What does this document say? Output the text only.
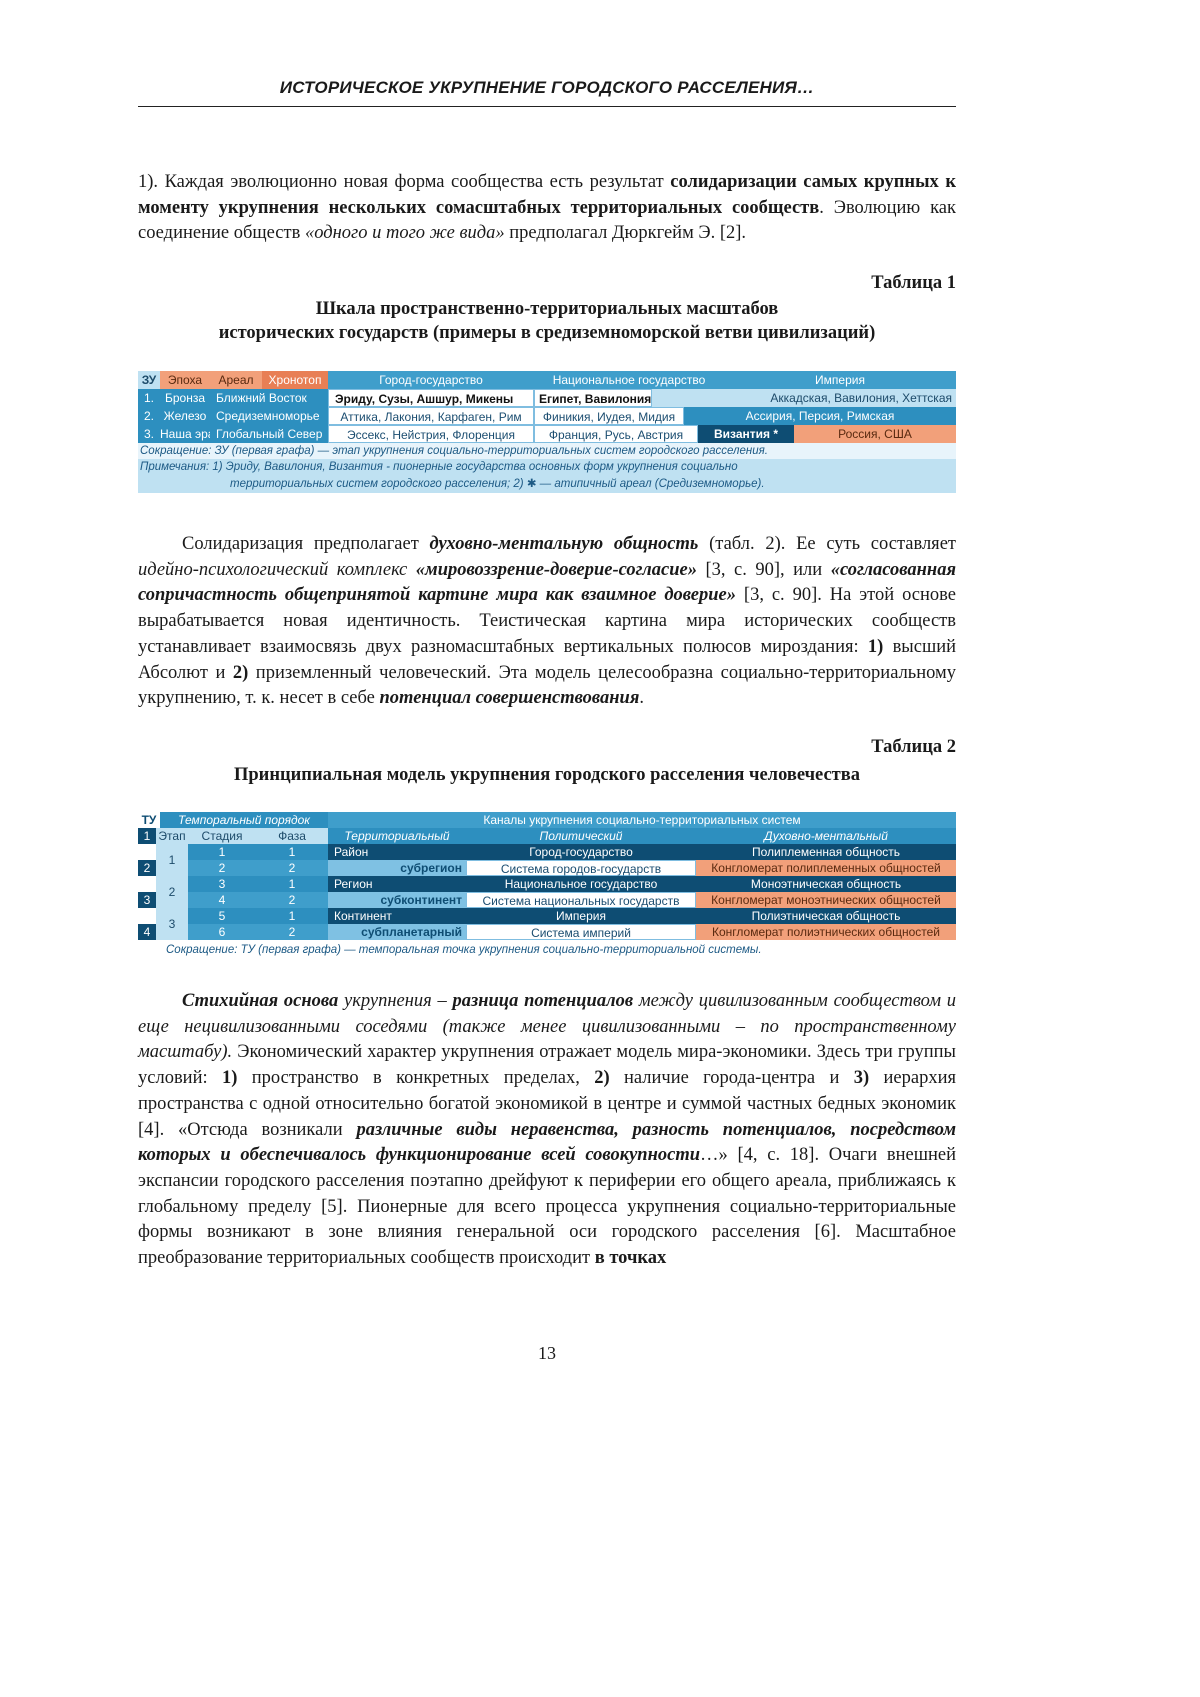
ИСТОРИЧЕСКОЕ УКРУПНЕНИЕ ГОРОДСКОГО РАССЕЛЕНИЯ…

1). Каждая эволюционно новая форма сообщества есть результат солидаризации самых крупных к моменту укрупнения нескольких сомасштабных территориальных сообществ. Эволюцию как соединение обществ «одного и того же вида» предполагал Дюркгейм Э. [2].

Таблица 1
Шкала пространственно-территориальных масштабов
исторических государств (примеры в средиземноморской ветви цивилизаций)
ЗУ Эпоха	Ареал	Хронотоп	Город-государство	Национальное государство	Империя
1. Бронза Ближний Восток	Эриду, Сузы, Ашшур, Микены	Египет, Вавилония, Ассирия	Аккадская, Вавилония, Хеттская
2. Железо Средиземноморье	Аттика, Лакония, Карфаген, Рим	Финикия, Иудея, Мидия	Ассирия, Персия, Римская
3. Наша эра Глобальный Север	Эссекс, Нейстрия, Флоренция	Франция, Русь, Австрия	Византия *	Россия, США
Сокращение: ЗУ (первая графа) — этап укрупнения социально-территориальных систем городского расселения.
Примечания: 1) Эриду, Вавилония, Византия - пионерные государства основных форм укрупнения социально
территориальных систем городского расселения; 2) ✱ — атипичный ареал (Средиземноморье).

Солидаризация предполагает духовно-ментальную общность (табл. 2). Ее суть составляет идейно-психологический комплекс «мировоззрение-доверие-согласие» [3, с. 90], или «согласованная сопричастность общепринятой картине мира как взаимное доверие» [3, с. 90]. На этой основе вырабатывается новая идентичность. Теистическая картина мира исторических сообществ устанавливает взаимосвязь двух разномасштабных вертикальных полюсов мироздания: 1) высший Абсолют и 2) приземленный человеческий. Эта модель целесообразна социально-территориальному укрупнению, т. к. несет в себе потенциал совершенствования.

Таблица 2
Принципиальная модель укрупнения городского расселения человечества
ТУ	Темпоральный порядок	Каналы укрупнения социально-территориальных систем
1 Этап	Стадия	Фаза	Территориальный	Политический	Духовно-ментальный
1
1	1	Район	Город-государство	Полиплеменная общность
2	2	2	субрегион	Система городов-государств	Конгломерат полиплеменных общностей
2
3	1	Регион	Национальное государство	Моноэтническая общность
3	4	2	субконтинент	Система национальных государств	Конгломерат моноэтнических общностей
3
5	1	Континент	Империя	Полиэтническая общность
4	6	2	субпланетарный	Система империй	Конгломерат полиэтнических общностей
Сокращение: ТУ (первая графа) — темпоральная точка укрупнения социально-территориальной системы.

Стихийная основа укрупнения – разница потенциалов между цивилизованным сообществом и еще нецивилизованными соседями (также менее цивилизованными – по пространственному масштабу). Экономический характер укрупнения отражает модель мира-экономики. Здесь три группы условий: 1) пространство в конкретных пределах, 2) наличие города-центра и 3) иерархия пространства с одной относительно богатой экономикой в центре и суммой частных бедных экономик [4]. «Отсюда возникали различные виды неравенства, разность потенциалов, посредством которых и обеспечивалось функционирование всей совокупности…» [4, с. 18]. Очаги внешней экспансии городского расселения поэтапно дрейфуют к периферии его общего ареала, приближаясь к глобальному пределу [5]. Пионерные для всего процесса укрупнения социально-территориальные формы возникают в зоне влияния генеральной оси городского расселения [6]. Масштабное преобразование территориальных сообществ происходит в точках

13
